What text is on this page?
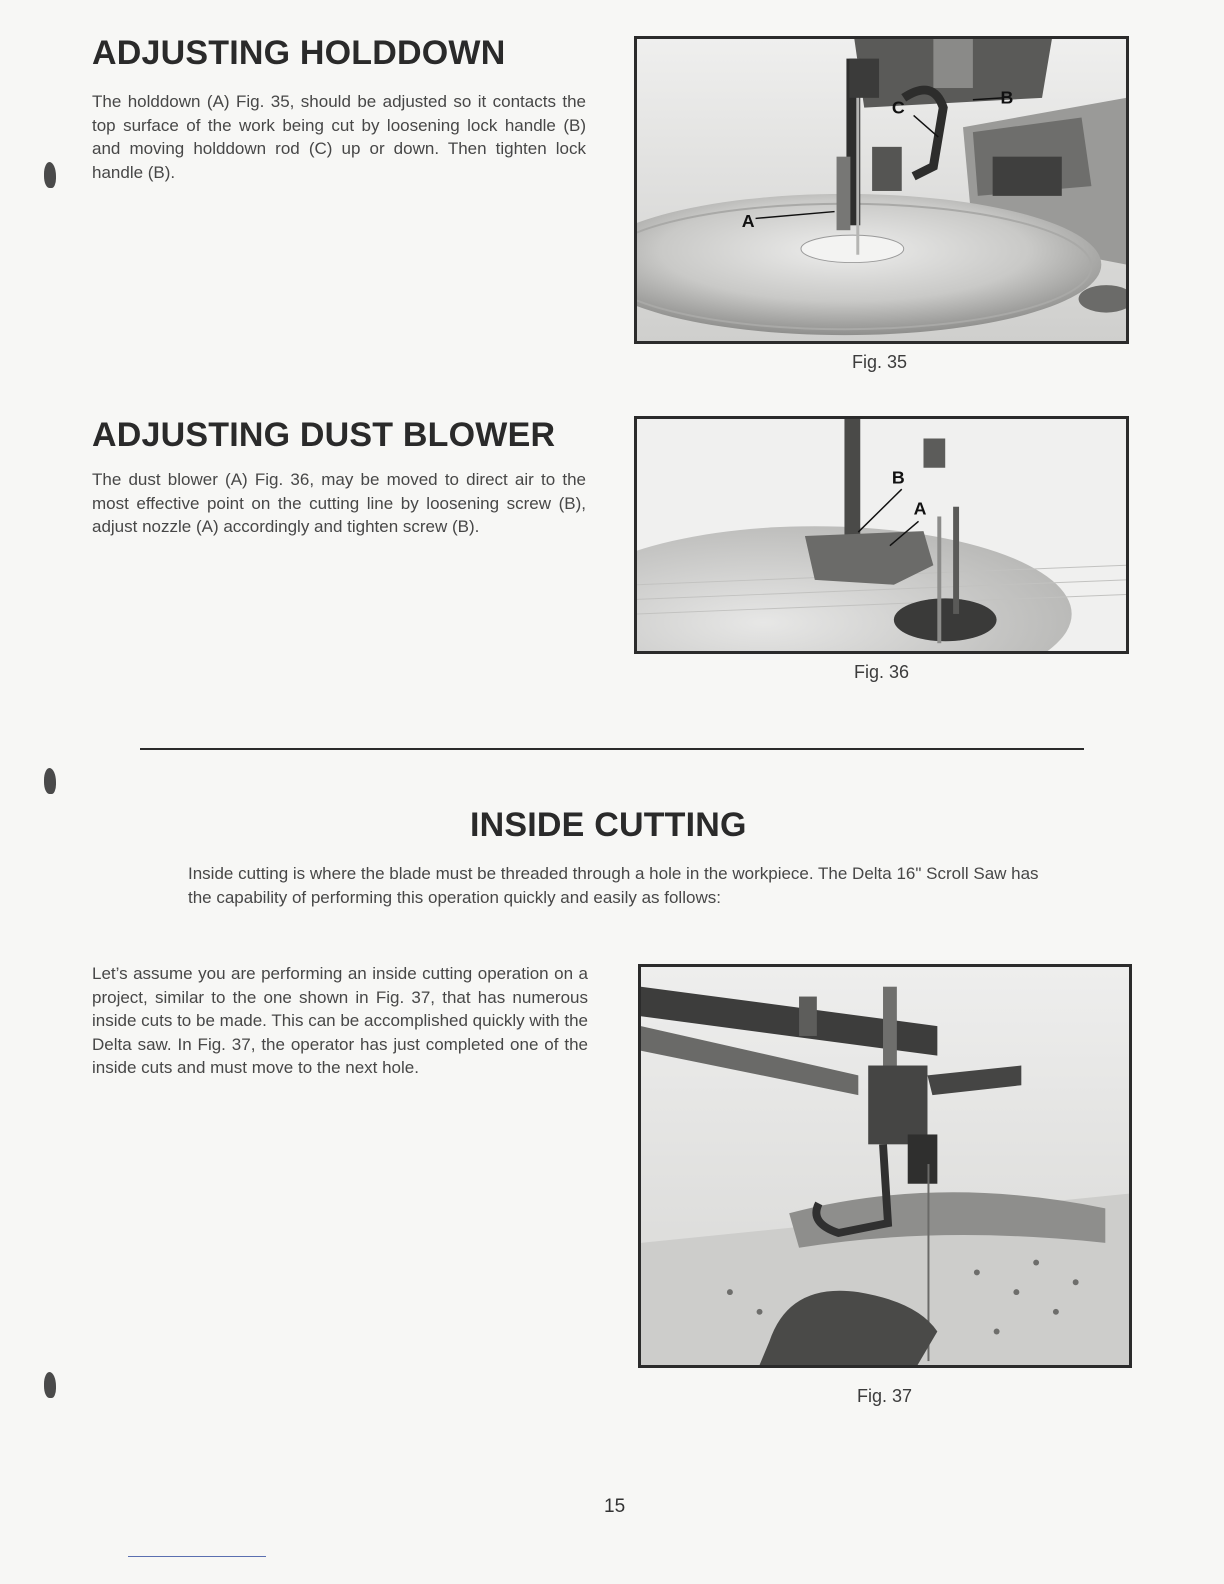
ADJUSTING HOLDDOWN

The holddown (A) Fig. 35, should be adjusted so it contacts the top surface of the work being cut by loosening lock handle (B) and moving holddown rod (C) up or down. Then tighten lock handle (B).

A
C	B
Fig. 35
ADJUSTING DUST BLOWER

The dust blower (A) Fig. 36, may be moved to direct air to the most effective point on the cutting line by loosening screw (B), adjust nozzle (A) accordingly and tighten screw (B).

B
A
Fig. 36
INSIDE CUTTING

Inside cutting is where the blade must be threaded through a hole in the workpiece. The Delta 16" Scroll Saw has the capability of performing this operation quickly and easily as follows:

Let’s assume you are performing an inside cutting operation on a project, similar to the one shown in Fig. 37, that has numerous inside cuts to be made. This can be accomplished quickly with the Delta saw. In Fig. 37, the operator has just completed one of the inside cuts and must move to the next hole.

Fig. 37
15
